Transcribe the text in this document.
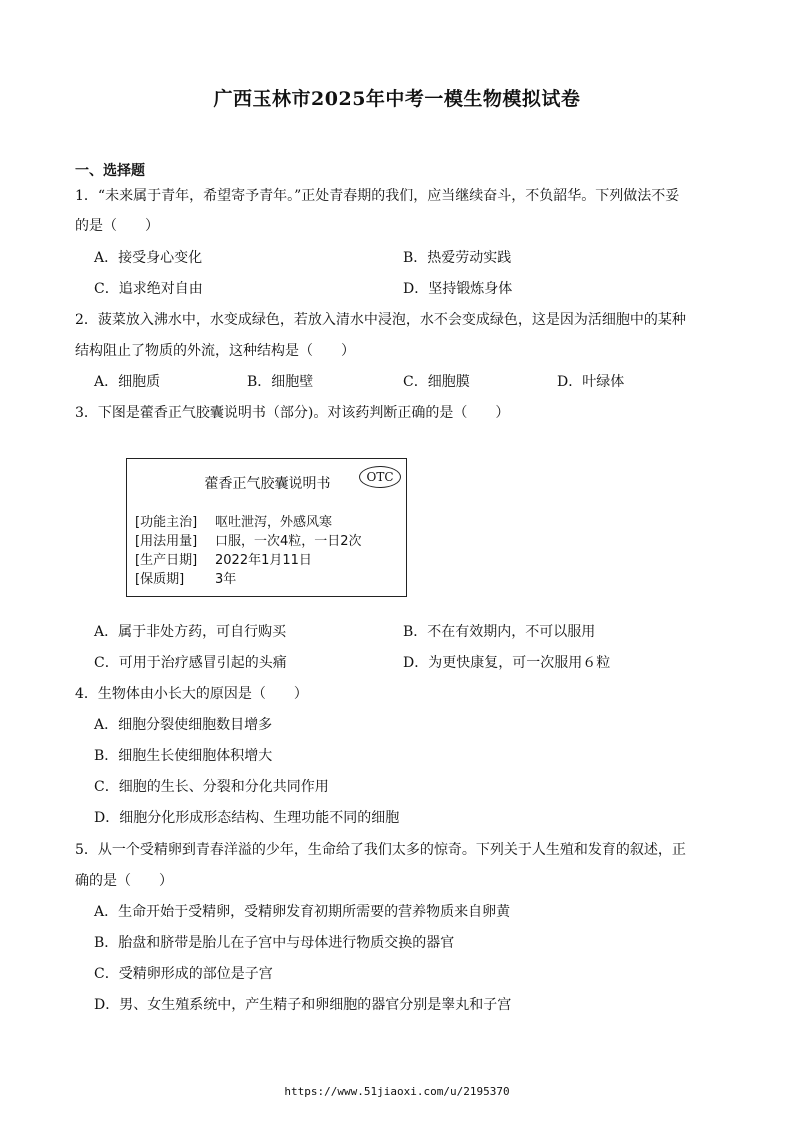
广西玉林市2025年中考一模生物模拟试卷
一、选择题
1．“未来属于青年，希望寄予青年。”正处青春期的我们，应当继续奋斗，不负韶华。下列做法不妥
的是（　　）
A．接受身心变化	B．热爱劳动实践
C．追求绝对自由	D．坚持锻炼身体
2．菠菜放入沸水中，水变成绿色，若放入清水中浸泡，水不会变成绿色，这是因为活细胞中的某种
结构阻止了物质的外流，这种结构是（　　）
A．细胞质	B．细胞壁	C．细胞膜	D．叶绿体
3．下图是藿香正气胶囊说明书（部分)。对该药判断正确的是（　　）
藿香正气胶囊说明书	OTC
[功能主治] 呕吐泄泻，外感风寒
[用法用量] 口服，一次4粒，一日2次
[生产日期] 2022年1月11日
[保质期] 3年
A．属于非处方药，可自行购买	B．不在有效期内，不可以服用
C．可用于治疗感冒引起的头痛	D．为更快康复，可一次服用６粒
4．生物体由小长大的原因是（　　）
A．细胞分裂使细胞数目增多
B．细胞生长使细胞体积增大
C．细胞的生长、分裂和分化共同作用
D．细胞分化形成形态结构、生理功能不同的细胞
5．从一个受精卵到青春洋溢的少年，生命给了我们太多的惊奇。下列关于人生殖和发育的叙述，正
确的是（　　）
A．生命开始于受精卵，受精卵发育初期所需要的营养物质来自卵黄
B．胎盘和脐带是胎儿在子宫中与母体进行物质交换的器官
C．受精卵形成的部位是子宫
D．男、女生殖系统中，产生精子和卵细胞的器官分别是睾丸和子宫
https://www.51jiaoxi.com/u/2195370
